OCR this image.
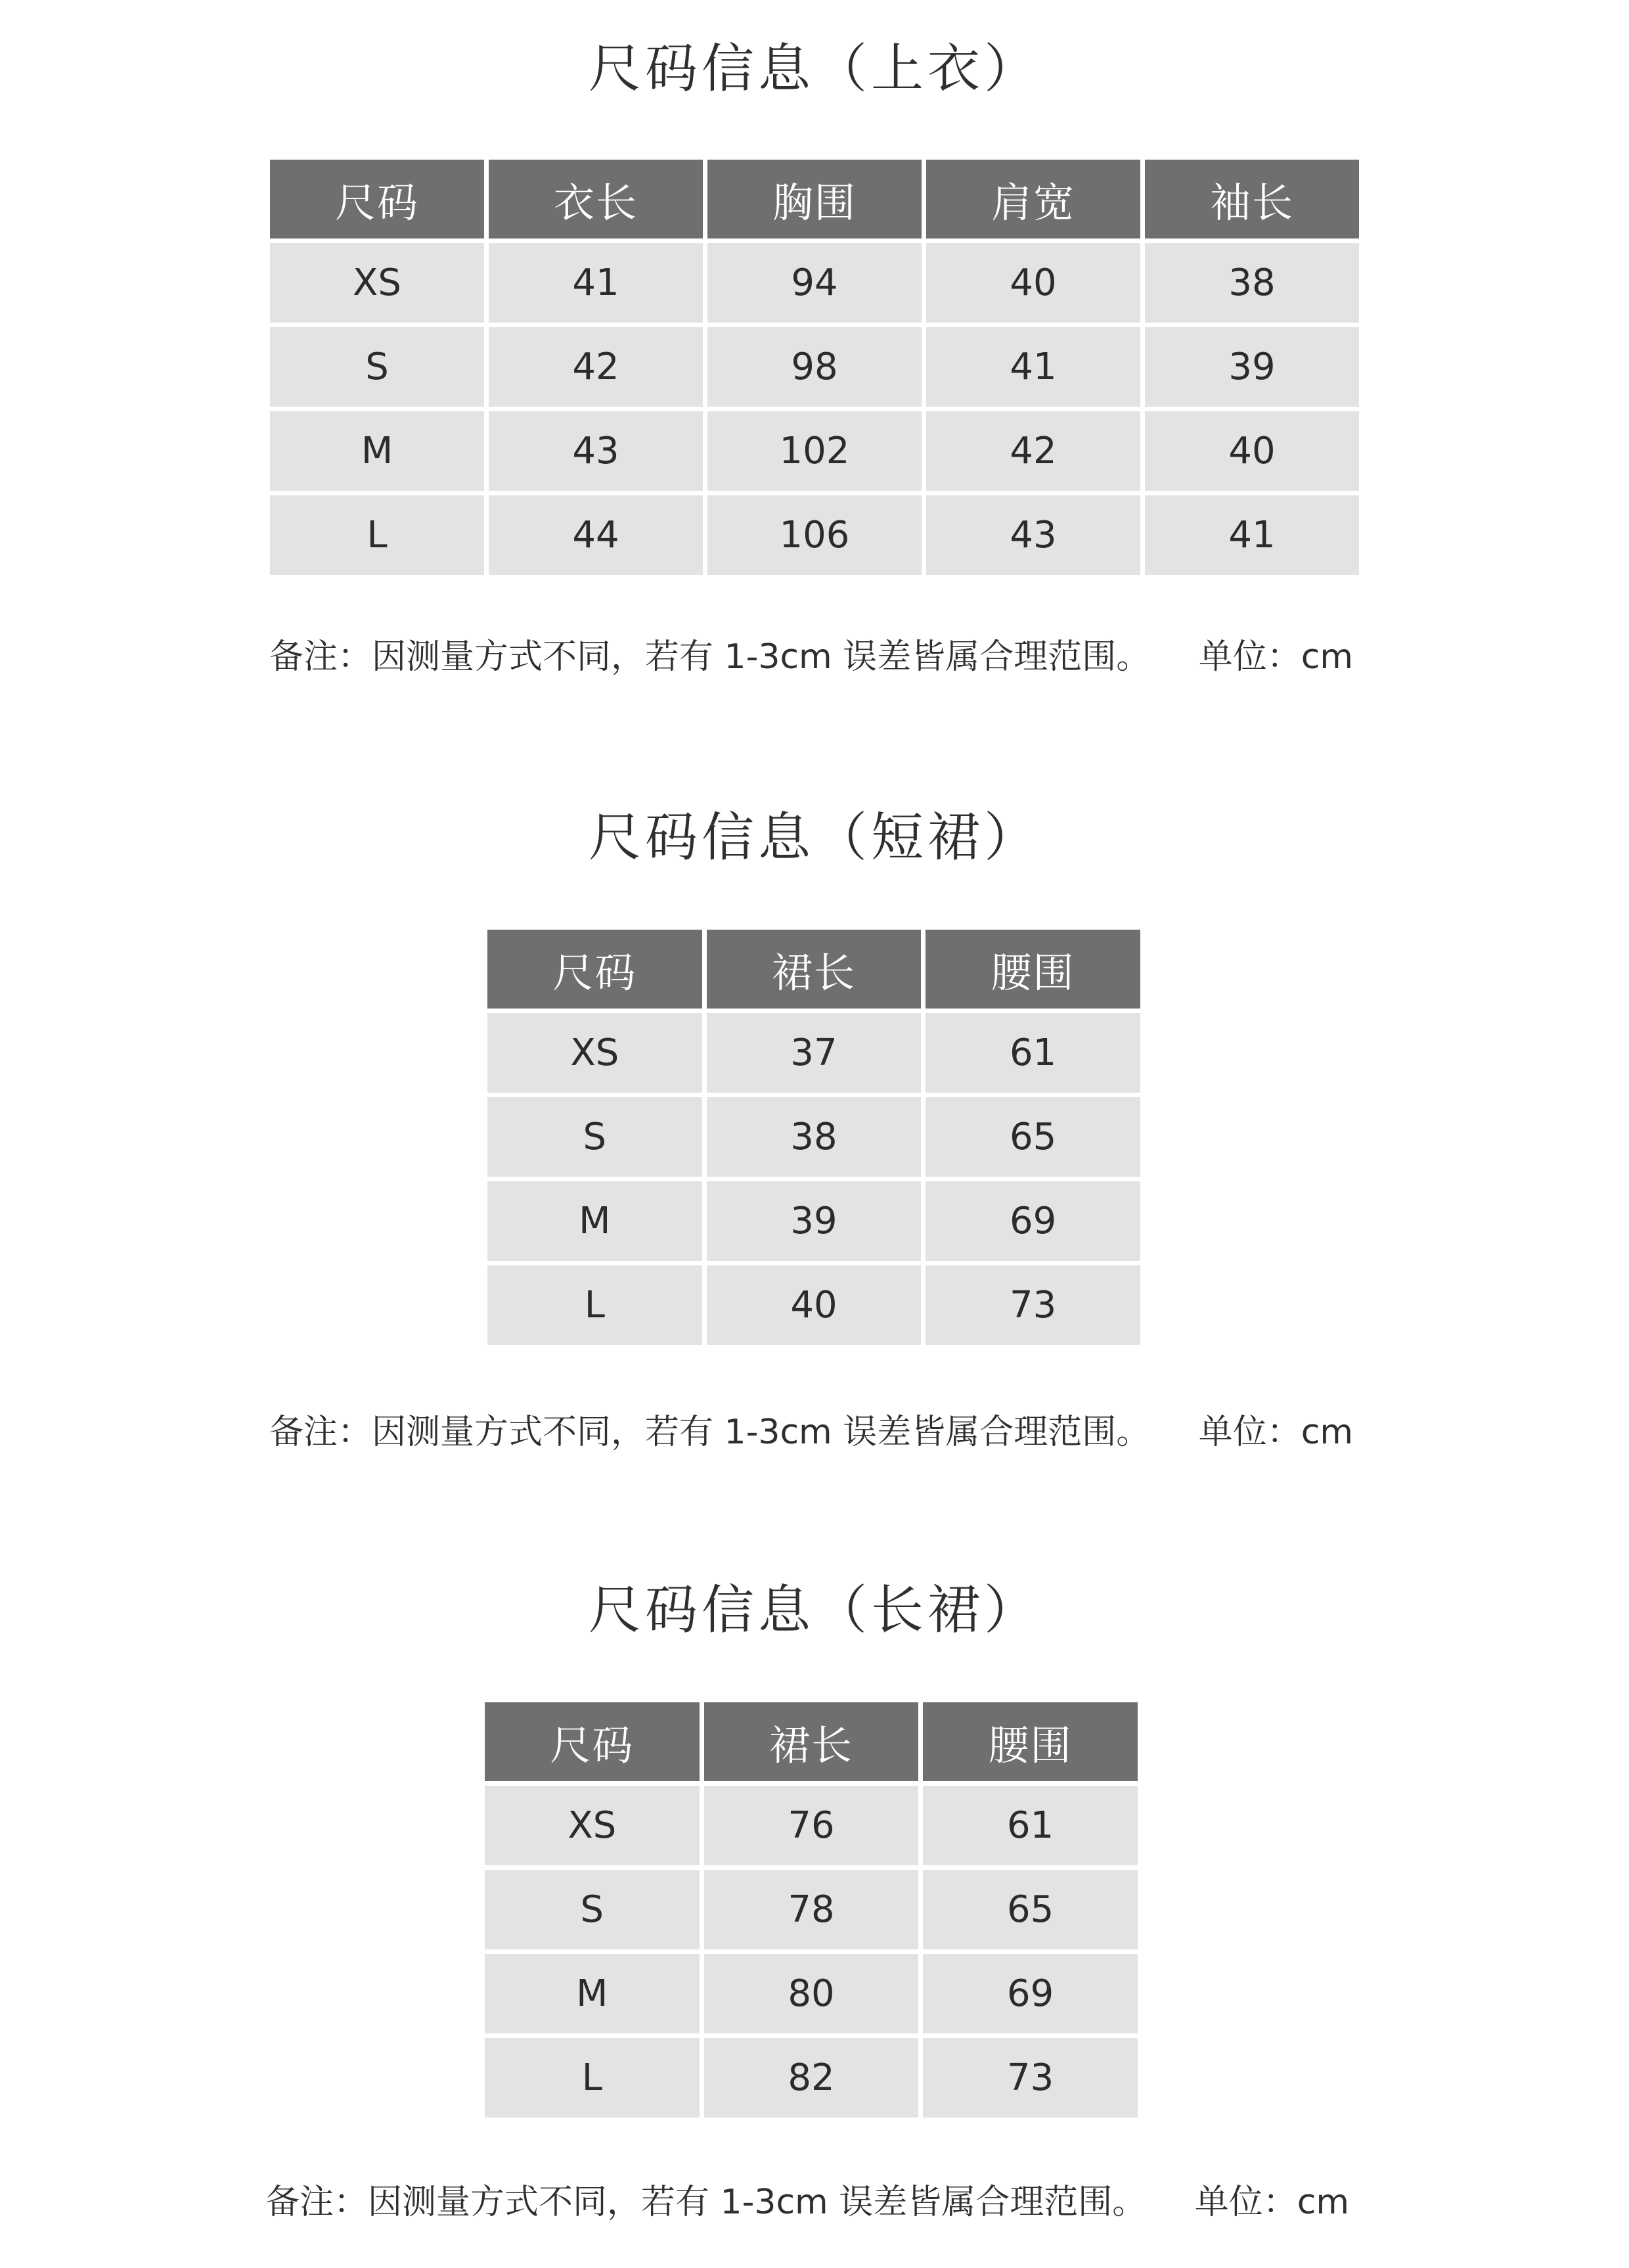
尺码信息（上衣）
尺码	衣长	胸围	肩宽	袖长
XS	41	94	40	38
S	42	98	41	39
M	43	102	42	40
L	44	106	43	41
备注：因测量方式不同，若有 1-3cm 误差皆属合理范围。 单位：cm
尺码信息（短裙）
尺码	裙长	腰围
XS	37	61
S	38	65
M	39	69
L	40	73
备注：因测量方式不同，若有 1-3cm 误差皆属合理范围。 单位：cm
尺码信息（长裙）
尺码	裙长	腰围
XS	76	61
S	78	65
M	80	69
L	82	73
备注：因测量方式不同，若有 1-3cm 误差皆属合理范围。 单位：cm
